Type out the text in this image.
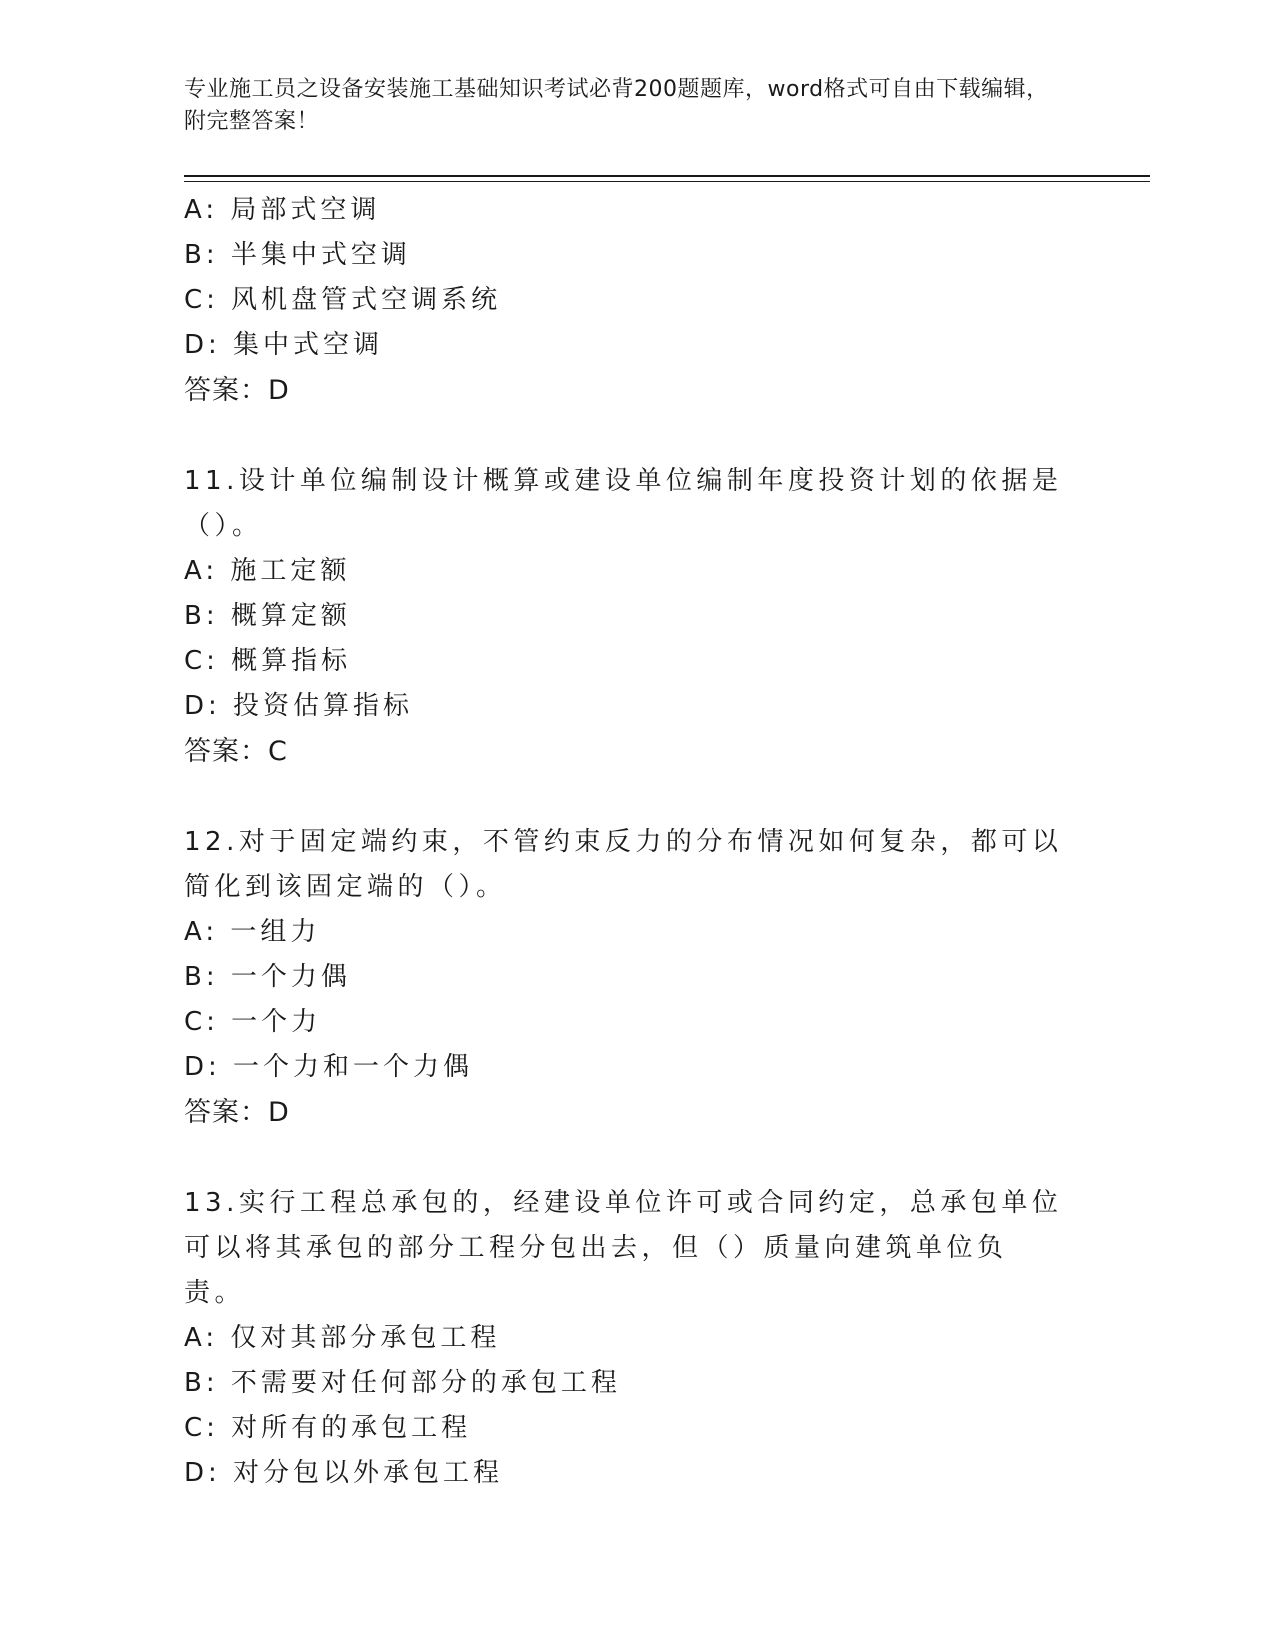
专业施工员之设备安装施工基础知识考试必背200题题库，word格式可自由下载编辑，附完整答案！
A: 局部式空调
B: 半集中式空调
C: 风机盘管式空调系统
D: 集中式空调
答案：D
11.设计单位编制设计概算或建设单位编制年度投资计划的依据是（）。
A: 施工定额
B: 概算定额
C: 概算指标
D: 投资估算指标
答案：C
12.对于固定端约束，不管约束反力的分布情况如何复杂，都可以简化到该固定端的（）。
A: 一组力
B: 一个力偶
C: 一个力
D: 一个力和一个力偶
答案：D
13.实行工程总承包的，经建设单位许可或合同约定，总承包单位可以将其承包的部分工程分包出去，但（）质量向建筑单位负责。
A: 仅对其部分承包工程
B: 不需要对任何部分的承包工程
C: 对所有的承包工程
D: 对分包以外承包工程
